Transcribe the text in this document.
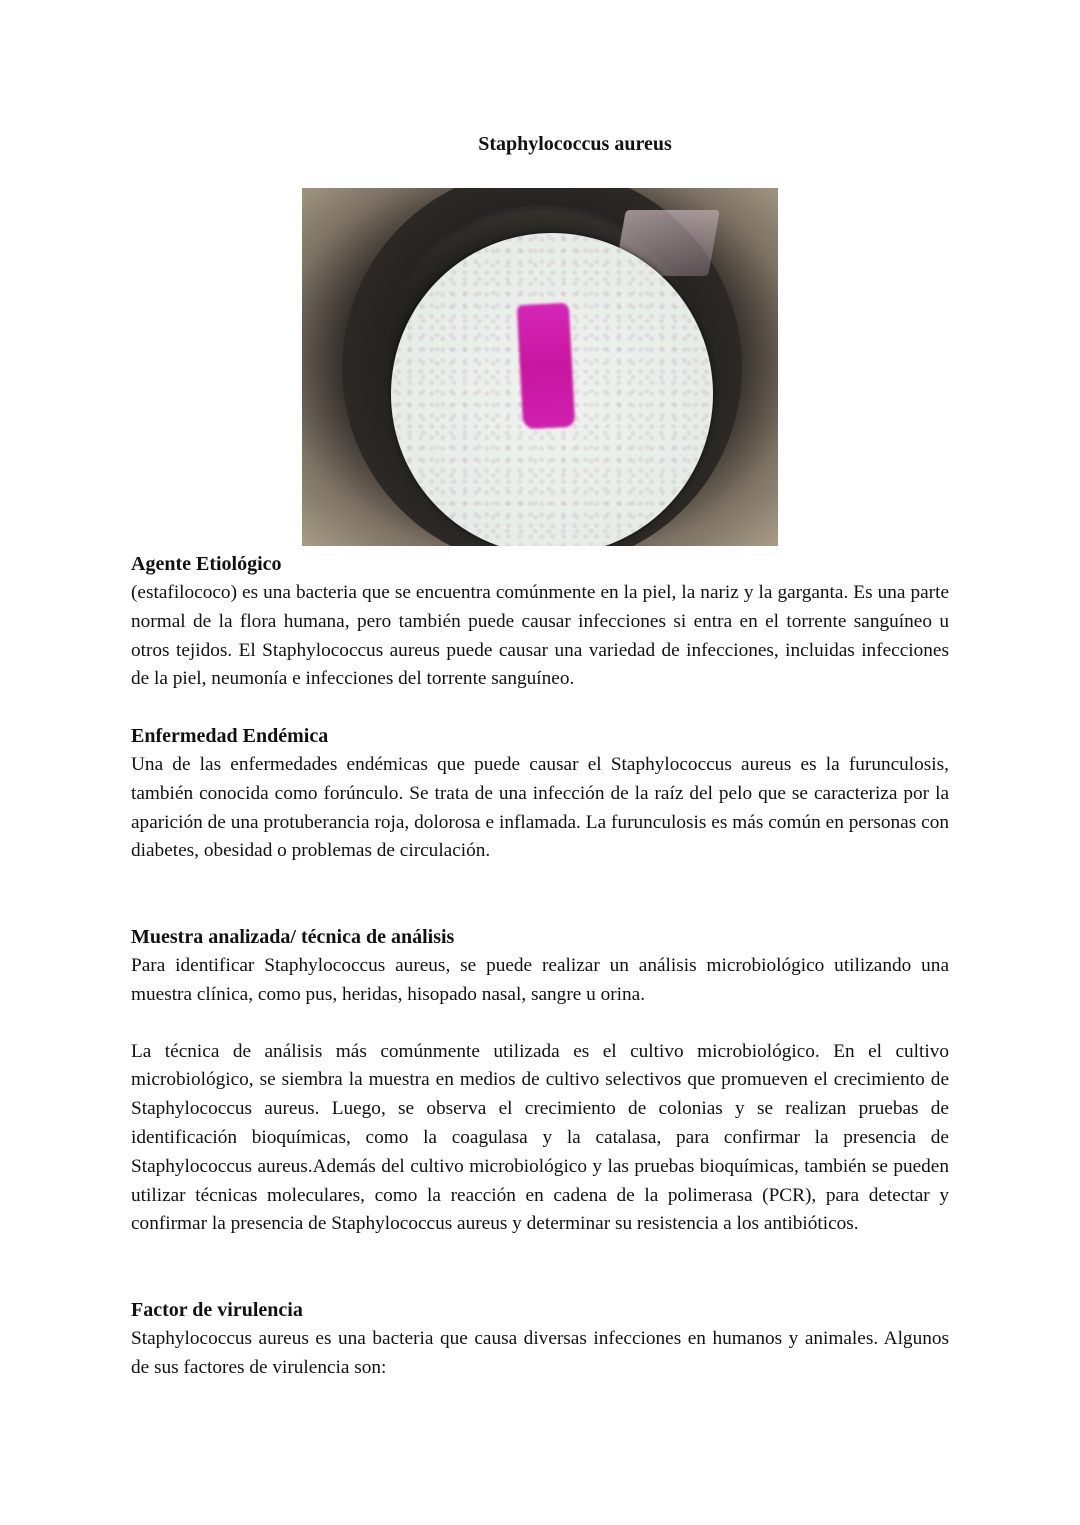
Staphylococcus aureus
Agente Etiológico

(estafilococo) es una bacteria que se encuentra comúnmente en la piel, la nariz y la garganta. Es una parte normal de la flora humana, pero también puede causar infecciones si entra en el torrente sanguíneo u otros tejidos. El Staphylococcus aureus puede causar una variedad de infecciones, incluidas infecciones de la piel, neumonía e infecciones del torrente sanguíneo.

Enfermedad Endémica

Una de las enfermedades endémicas que puede causar el Staphylococcus aureus es la furunculosis, también conocida como forúnculo. Se trata de una infección de la raíz del pelo que se caracteriza por la aparición de una protuberancia roja, dolorosa e inflamada. La furunculosis es más común en personas con diabetes, obesidad o problemas de circulación.

Muestra analizada/ técnica de análisis

Para identificar Staphylococcus aureus, se puede realizar un análisis microbiológico utilizando una muestra clínica, como pus, heridas, hisopado nasal, sangre u orina.

La técnica de análisis más comúnmente utilizada es el cultivo microbiológico. En el cultivo microbiológico, se siembra la muestra en medios de cultivo selectivos que promueven el crecimiento de Staphylococcus aureus. Luego, se observa el crecimiento de colonias y se realizan pruebas de identificación bioquímicas, como la coagulasa y la catalasa, para confirmar la presencia de Staphylococcus aureus.Además del cultivo microbiológico y las pruebas bioquímicas, también se pueden utilizar técnicas moleculares, como la reacción en cadena de la polimerasa (PCR), para detectar y confirmar la presencia de Staphylococcus aureus y determinar su resistencia a los antibióticos.

Factor de virulencia

Staphylococcus aureus es una bacteria que causa diversas infecciones en humanos y animales. Algunos de sus factores de virulencia son:
